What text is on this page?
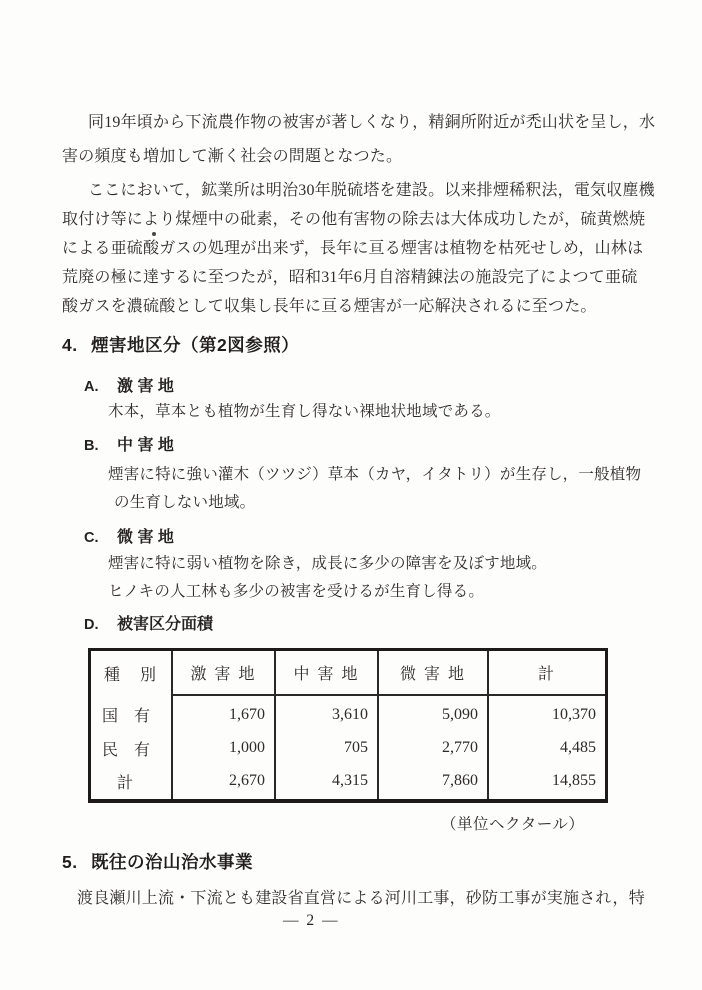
同19年頃から下流農作物の被害が著しくなり，精銅所附近が禿山状を呈し，水
害の頻度も増加して漸く社会の問題となつた。
ここにおいて，鉱業所は明治30年脱硫塔を建設。以来排煙稀釈法，電気収塵機
取付け等により煤煙中の砒素，その他有害物の除去は大体成功したが，硫黄燃焼
による亜硫酸ガスの処理が出来ず，長年に亘る煙害は植物を枯死せしめ，山林は
荒廃の極に達するに至つたが，昭和31年6月自溶精錬法の施設完了によつて亜硫
酸ガスを濃硫酸として収集し長年に亘る煙害が一応解決されるに至つた。
4. 煙害地区分（第2図参照）
A. 激 害 地
木本，草本とも植物が生育し得ない裸地状地域である。
B. 中 害 地
煙害に特に強い灌木（ツツジ）草本（カヤ，イタトリ）が生存し，一般植物
の生育しない地域。
C. 微 害 地
煙害に特に弱い植物を除き，成長に多少の障害を及ぼす地域。
ヒノキの人工林も多少の被害を受けるが生育し得る。
D. 被害区分面積
種　別	激 害 地	中 害 地	微 害 地	計
国　有	1,670	3,610	5,090	10,370
民　有	1,000	705	2,770	4,485
計	2,670	4,315	7,860	14,855
（単位ヘクタール）
5. 既往の治山治水事業
渡良瀬川上流・下流とも建設省直営による河川工事，砂防工事が実施され，特
— 2 —
